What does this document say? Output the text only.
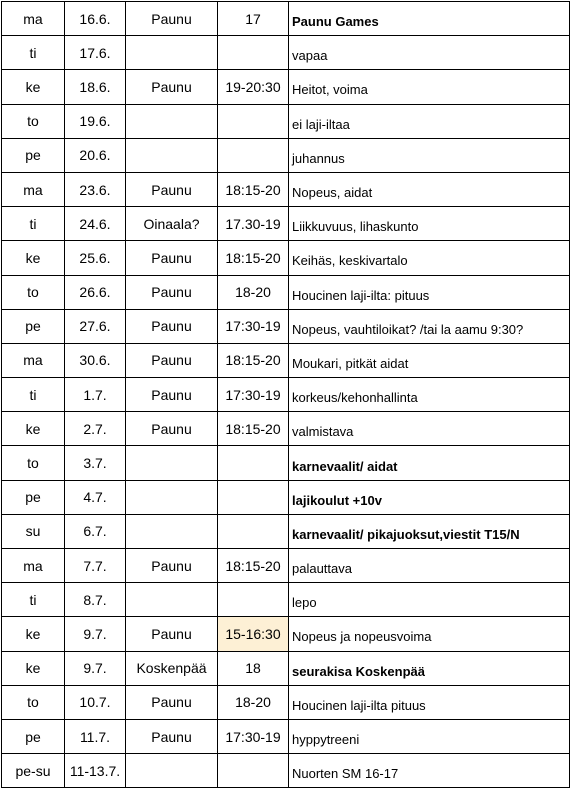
ma	16.6.	Paunu	17	Paunu Games
ti	17.6.			vapaa
ke	18.6.	Paunu	19-20:30	Heitot, voima
to	19.6.			ei laji-iltaa
pe	20.6.			juhannus
ma	23.6.	Paunu	18:15-20	Nopeus, aidat
ti	24.6.	Oinaala?	17.30-19	Liikkuvuus, lihaskunto
ke	25.6.	Paunu	18:15-20	Keihäs, keskivartalo
to	26.6.	Paunu	18-20	Houcinen laji-ilta: pituus
pe	27.6.	Paunu	17:30-19	Nopeus, vauhtiloikat? /tai la aamu 9:30?
ma	30.6.	Paunu	18:15-20	Moukari, pitkät aidat
ti	1.7.	Paunu	17:30-19	korkeus/kehonhallinta
ke	2.7.	Paunu	18:15-20	valmistava
to	3.7.			karnevaalit/ aidat
pe	4.7.			lajikoulut +10v
su	6.7.			karnevaalit/ pikajuoksut,viestit T15/N
ma	7.7.	Paunu	18:15-20	palauttava
ti	8.7.			lepo
ke	9.7.	Paunu	15-16:30	Nopeus ja nopeusvoima
ke	9.7.	Koskenpää	18	seurakisa Koskenpää
to	10.7.	Paunu	18-20	Houcinen laji-ilta pituus
pe	11.7.	Paunu	17:30-19	hyppytreeni
pe-su	11-13.7.			Nuorten SM 16-17
